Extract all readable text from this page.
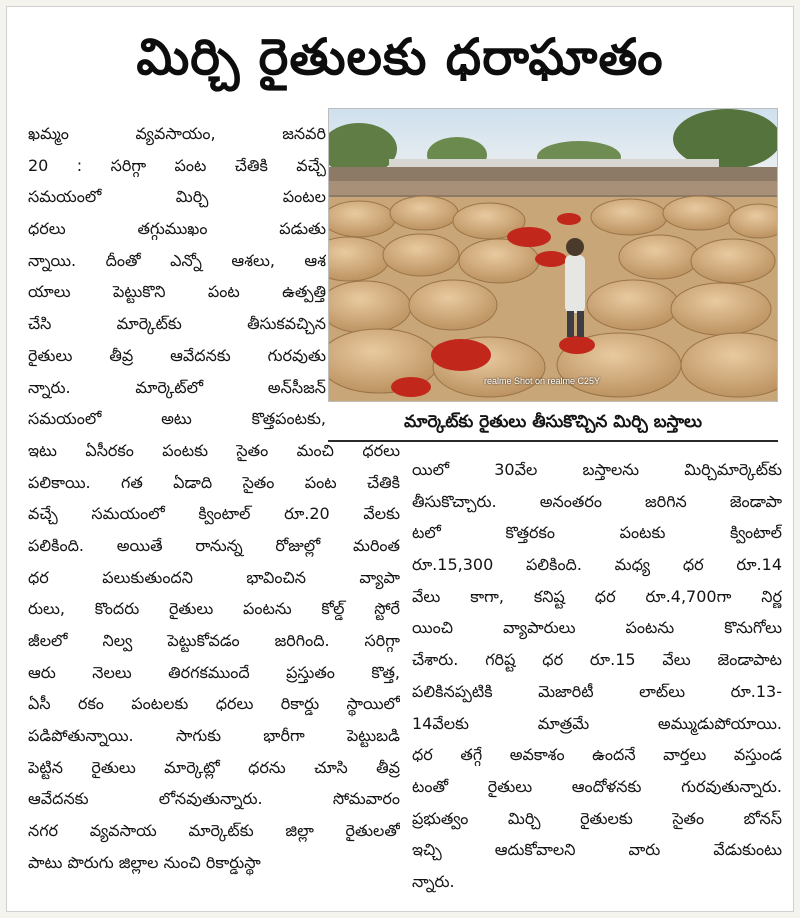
మిర్చి రైతులకు ధరాఘాతం
ఖమ్మం వ్యవసాయం, జనవరి
20 : సరిగ్గా పంట చేతికి వచ్చే
సమయంలో మిర్చి పంటల
ధరలు తగ్గుముఖం పడుతు
న్నాయి. దీంతో ఎన్నో ఆశలు, ఆశ
యాలు పెట్టుకొని పంట ఉత్పత్తి
చేసి మార్కెట్‌కు తీసుకవచ్చిన
రైతులు తీవ్ర ఆవేదనకు గురవుతు
న్నారు. మార్కెట్‌లో అన్‌సీజన్
సమయంలో అటు కొత్తపంటకు,
ఇటు ఏసీరకం పంటకు సైతం మంచి ధరలు
పలికాయి. గత ఏడాది సైతం పంట చేతికి
వచ్చే సమయంలో క్వింటాల్ రూ.20 వేలకు
పలికింది. అయితే రానున్న రోజుల్లో మరింత
ధర పలుకుతుందని భావించిన వ్యాపా
రులు, కొందరు రైతులు పంటను కోల్డ్ స్టోరే
జీలలో నిల్వ పెట్టుకోవడం జరిగింది. సరిగ్గా
ఆరు నెలలు తిరగకముందే ప్రస్తుతం కొత్త,
ఏసీ రకం పంటలకు ధరలు రికార్డు స్థాయిలో
పడిపోతున్నాయి. సాగుకు భారీగా పెట్టుబడి
పెట్టిన రైతులు మార్కెట్లో ధరను చూసి తీవ్ర
ఆవేదనకు లోనవుతున్నారు. సోమవారం
నగర వ్యవసాయ మార్కెట్‌కు జిల్లా రైతులతో
పాటు పొరుగు జిల్లాల నుంచి రికార్డుస్థా
realme Shot on realme C25Y
మార్కెట్‌కు రైతులు తీసుకొచ్చిన మిర్చి బస్తాలు
యిలో 30వేల బస్తాలను మిర్చిమార్కెట్‌కు
తీసుకొచ్చారు. అనంతరం జరిగిన జెండాపా
టలో కొత్తరకం పంటకు క్వింటాల్
రూ.15,300 పలికింది. మధ్య ధర రూ.14
వేలు కాగా, కనిష్ట ధర రూ.4,700గా నిర్ణ
యించి వ్యాపారులు పంటను కొనుగోలు
చేశారు. గరిష్ట ధర రూ.15 వేలు జెండాపాట
పలికినప్పటికి మెజారిటీ లాట్‌లు రూ.13-
14వేలకు మాత్రమే అమ్ముడుపోయాయి.
ధర తగ్గే అవకాశం ఉందనే వార్తలు వస్తుండ
టంతో రైతులు ఆందోళనకు గురవుతున్నారు.
ప్రభుత్వం మిర్చి రైతులకు సైతం బోనస్
ఇచ్చి ఆదుకోవాలని వారు వేడుకుంటు
న్నారు.
